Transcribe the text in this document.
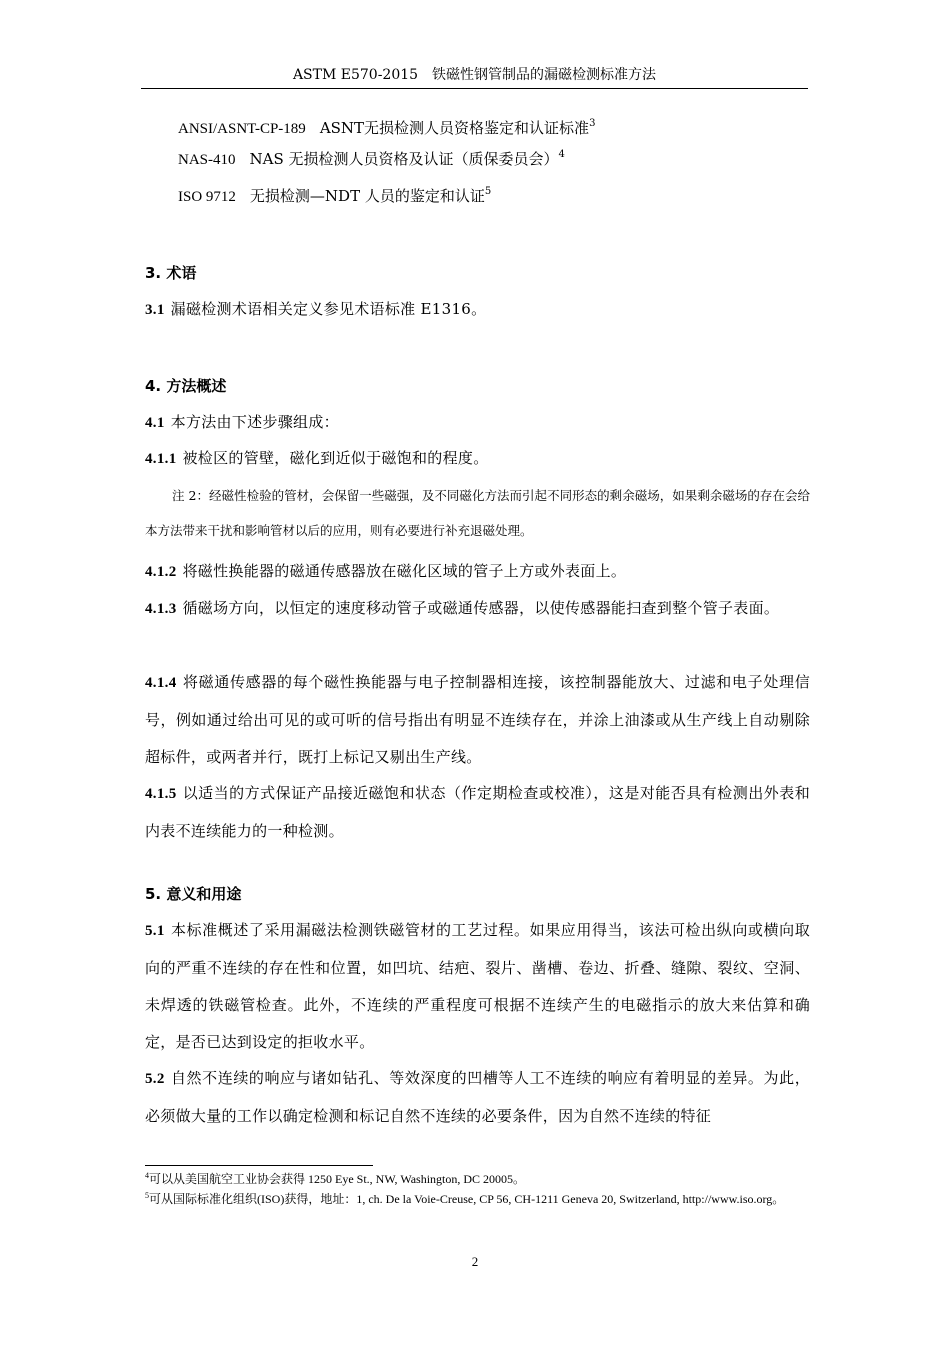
ASTM E570-2015　铁磁性钢管制品的漏磁检测标准方法
ANSI/ASNT-CP-189 ASNT无损检测人员资格鉴定和认证标准$^3$
NAS-410 NAS 无损检测人员资格及认证（质保委员会）$^4$
ISO 9712 无损检测—NDT 人员的鉴定和认证$^5$
3. 术语
3.1 漏磁检测术语相关定义参见术语标准 E1316。
4. 方法概述
4.1 本方法由下述步骤组成：
4.1.1 被检区的管壁，磁化到近似于磁饱和的程度。
注 2：经磁性检验的管材，会保留一些磁强，及不同磁化方法而引起不同形态的剩余磁场，如果剩余磁场的存在会给本方法带来干扰和影响管材以后的应用，则有必要进行补充退磁处理。
4.1.2 将磁性换能器的磁通传感器放在磁化区域的管子上方或外表面上。
4.1.3 循磁场方向，以恒定的速度移动管子或磁通传感器，以使传感器能扫查到整个管子表面。
4.1.4 将磁通传感器的每个磁性换能器与电子控制器相连接，该控制器能放大、过滤和电子处理信号，例如通过给出可见的或可听的信号指出有明显不连续存在，并涂上油漆或从生产线上自动剔除超标件，或两者并行，既打上标记又剔出生产线。
4.1.5 以适当的方式保证产品接近磁饱和状态（作定期检查或校准），这是对能否具有检测出外表和内表不连续能力的一种检测。
5. 意义和用途
5.1 本标准概述了采用漏磁法检测铁磁管材的工艺过程。如果应用得当，该法可检出纵向或横向取向的严重不连续的存在性和位置，如凹坑、结疤、裂片、凿槽、卷边、折叠、缝隙、裂纹、空洞、未焊透的铁磁管检查。此外，不连续的严重程度可根据不连续产生的电磁指示的放大来估算和确定，是否已达到设定的拒收水平。
5.2 自然不连续的响应与诸如钻孔、等效深度的凹槽等人工不连续的响应有着明显的差异。为此，必须做大量的工作以确定检测和标记自然不连续的必要条件，因为自然不连续的特征
$^4$可以从美国航空工业协会获得 1250 Eye St., NW, Washington, DC 20005。
$^5$可从国际标准化组织(ISO)获得，地址：1, ch. De la Voie-Creuse, CP 56, CH-1211 Geneva 20, Switzerland, http://www.iso.org。
2
